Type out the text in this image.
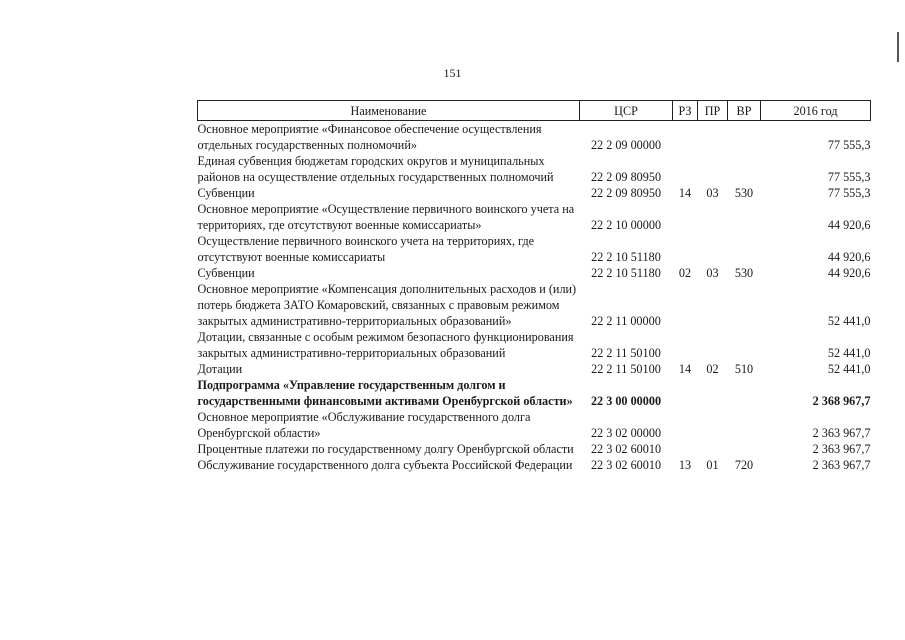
151
Наименование	ЦСР	РЗ	ПР	ВР	2016 год
Основное мероприятие «Финансовое обеспечение осуществления отдельных государственных полномочий»	22 2 09 00000				77 555,3
Единая субвенция бюджетам городских округов и муниципальных районов на осуществление отдельных государственных полномочий	22 2 09 80950				77 555,3
Субвенции	22 2 09 80950	14	03	530	77 555,3
Основное мероприятие «Осуществление первичного воинского учета на территориях, где отсутствуют военные комиссариаты»	22 2 10 00000				44 920,6
Осуществление первичного воинского учета на территориях, где отсутствуют военные комиссариаты	22 2 10 51180				44 920,6
Субвенции	22 2 10 51180	02	03	530	44 920,6
Основное мероприятие «Компенсация дополнительных расходов и (или) потерь бюджета ЗАТО Комаровский, связанных с правовым режимом закрытых административно-территориальных образований»	22 2 11 00000				52 441,0
Дотации, связанные с особым режимом безопасного функционирования закрытых административно-территориальных образований	22 2 11 50100				52 441,0
Дотации	22 2 11 50100	14	02	510	52 441,0
Подпрограмма «Управление государственным долгом и государственными финансовыми активами Оренбургской области»	22 3 00 00000				2 368 967,7
Основное мероприятие «Обслуживание государственного долга Оренбургской области»	22 3 02 00000				2 363 967,7
Процентные платежи по государственному долгу Оренбургской области	22 3 02 60010				2 363 967,7
Обслуживание государственного долга субъекта Российской Федерации	22 3 02 60010	13	01	720	2 363 967,7
